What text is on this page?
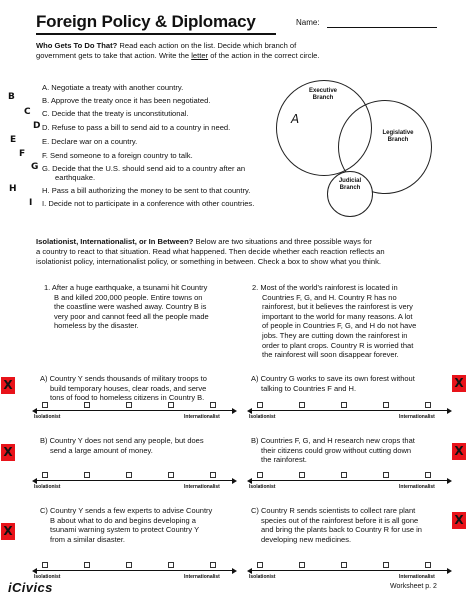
Foreign Policy & Diplomacy	Name:
Who Gets To Do That? Read each action on the list. Decide which branch of
government gets to take that action. Write the letter of the action in the correct circle.
A. Negotiate a treaty with another country.
B. Approve the treaty once it has been negotiated.
C. Decide that the treaty is unconstitutional.
D. Refuse to pass a bill to send aid to a country in need.
E. Declare war on a country.
F. Send someone to a foreign country to talk.
G. Decide that the U.S. should send aid to a country after an
earthquake.
H. Pass a bill authorizing the money to be sent to that country.
I. Decide not to participate in a conference with other countries.
B
C
D
E
F
G
H
I
Executive
Branch
A
Legislative
Branch
Judicial
Branch
Isolationist, Internationalist, or In Between? Below are two situations and three possible ways for
a country to react to that situation. Read what happened. Then decide whether each reaction reflects an
isolationist policy, internationalist policy, or something in between. Check a box to show what you think.
1. After a huge earthquake, a tsunami hit Country
B and killed 200,000 people. Entire towns on
the coastline were washed away. Country B is
very poor and cannot feed all the people made
homeless by the disaster.
2. Most of the world's rainforest is located in
Countries F, G, and H. Country R has no
rainforest, but it believes the rainforest is very
important to the world for many reasons. A lot
of people in Countries F, G, and H do not have
jobs. They are cutting down the rainforest in
order to plant crops. Country R is worried that
the rainforest will soon disappear forever.
A) Country Y sends thousands of military troops to
build temporary houses, clear roads, and serve
tons of food to homeless citizens in Country B.
B) Country Y does not send any people, but does
send a large amount of money.
C) Country Y sends a few experts to advise Country
B about what to do and begins developing a
tsunami warning system to protect Country Y
from a similar disaster.
A) Country G works to save its own forest without
talking to Countries F and H.
B) Countries F, G, and H research new crops that
their citizens could grow without cutting down
the rainforest.
C) Country R sends scientists to collect rare plant
species out of the rainforest before it is all gone
and bring the plants back to Country R for use in
developing new medicines.
Isolationist	Internationalist
Isolationist	Internationalist
Isolationist	Internationalist
Isolationist	Internationalist
Isolationist	Internationalist
Isolationist	Internationalist
X
X
X
X
X
X
iCivics	Worksheet p. 2
